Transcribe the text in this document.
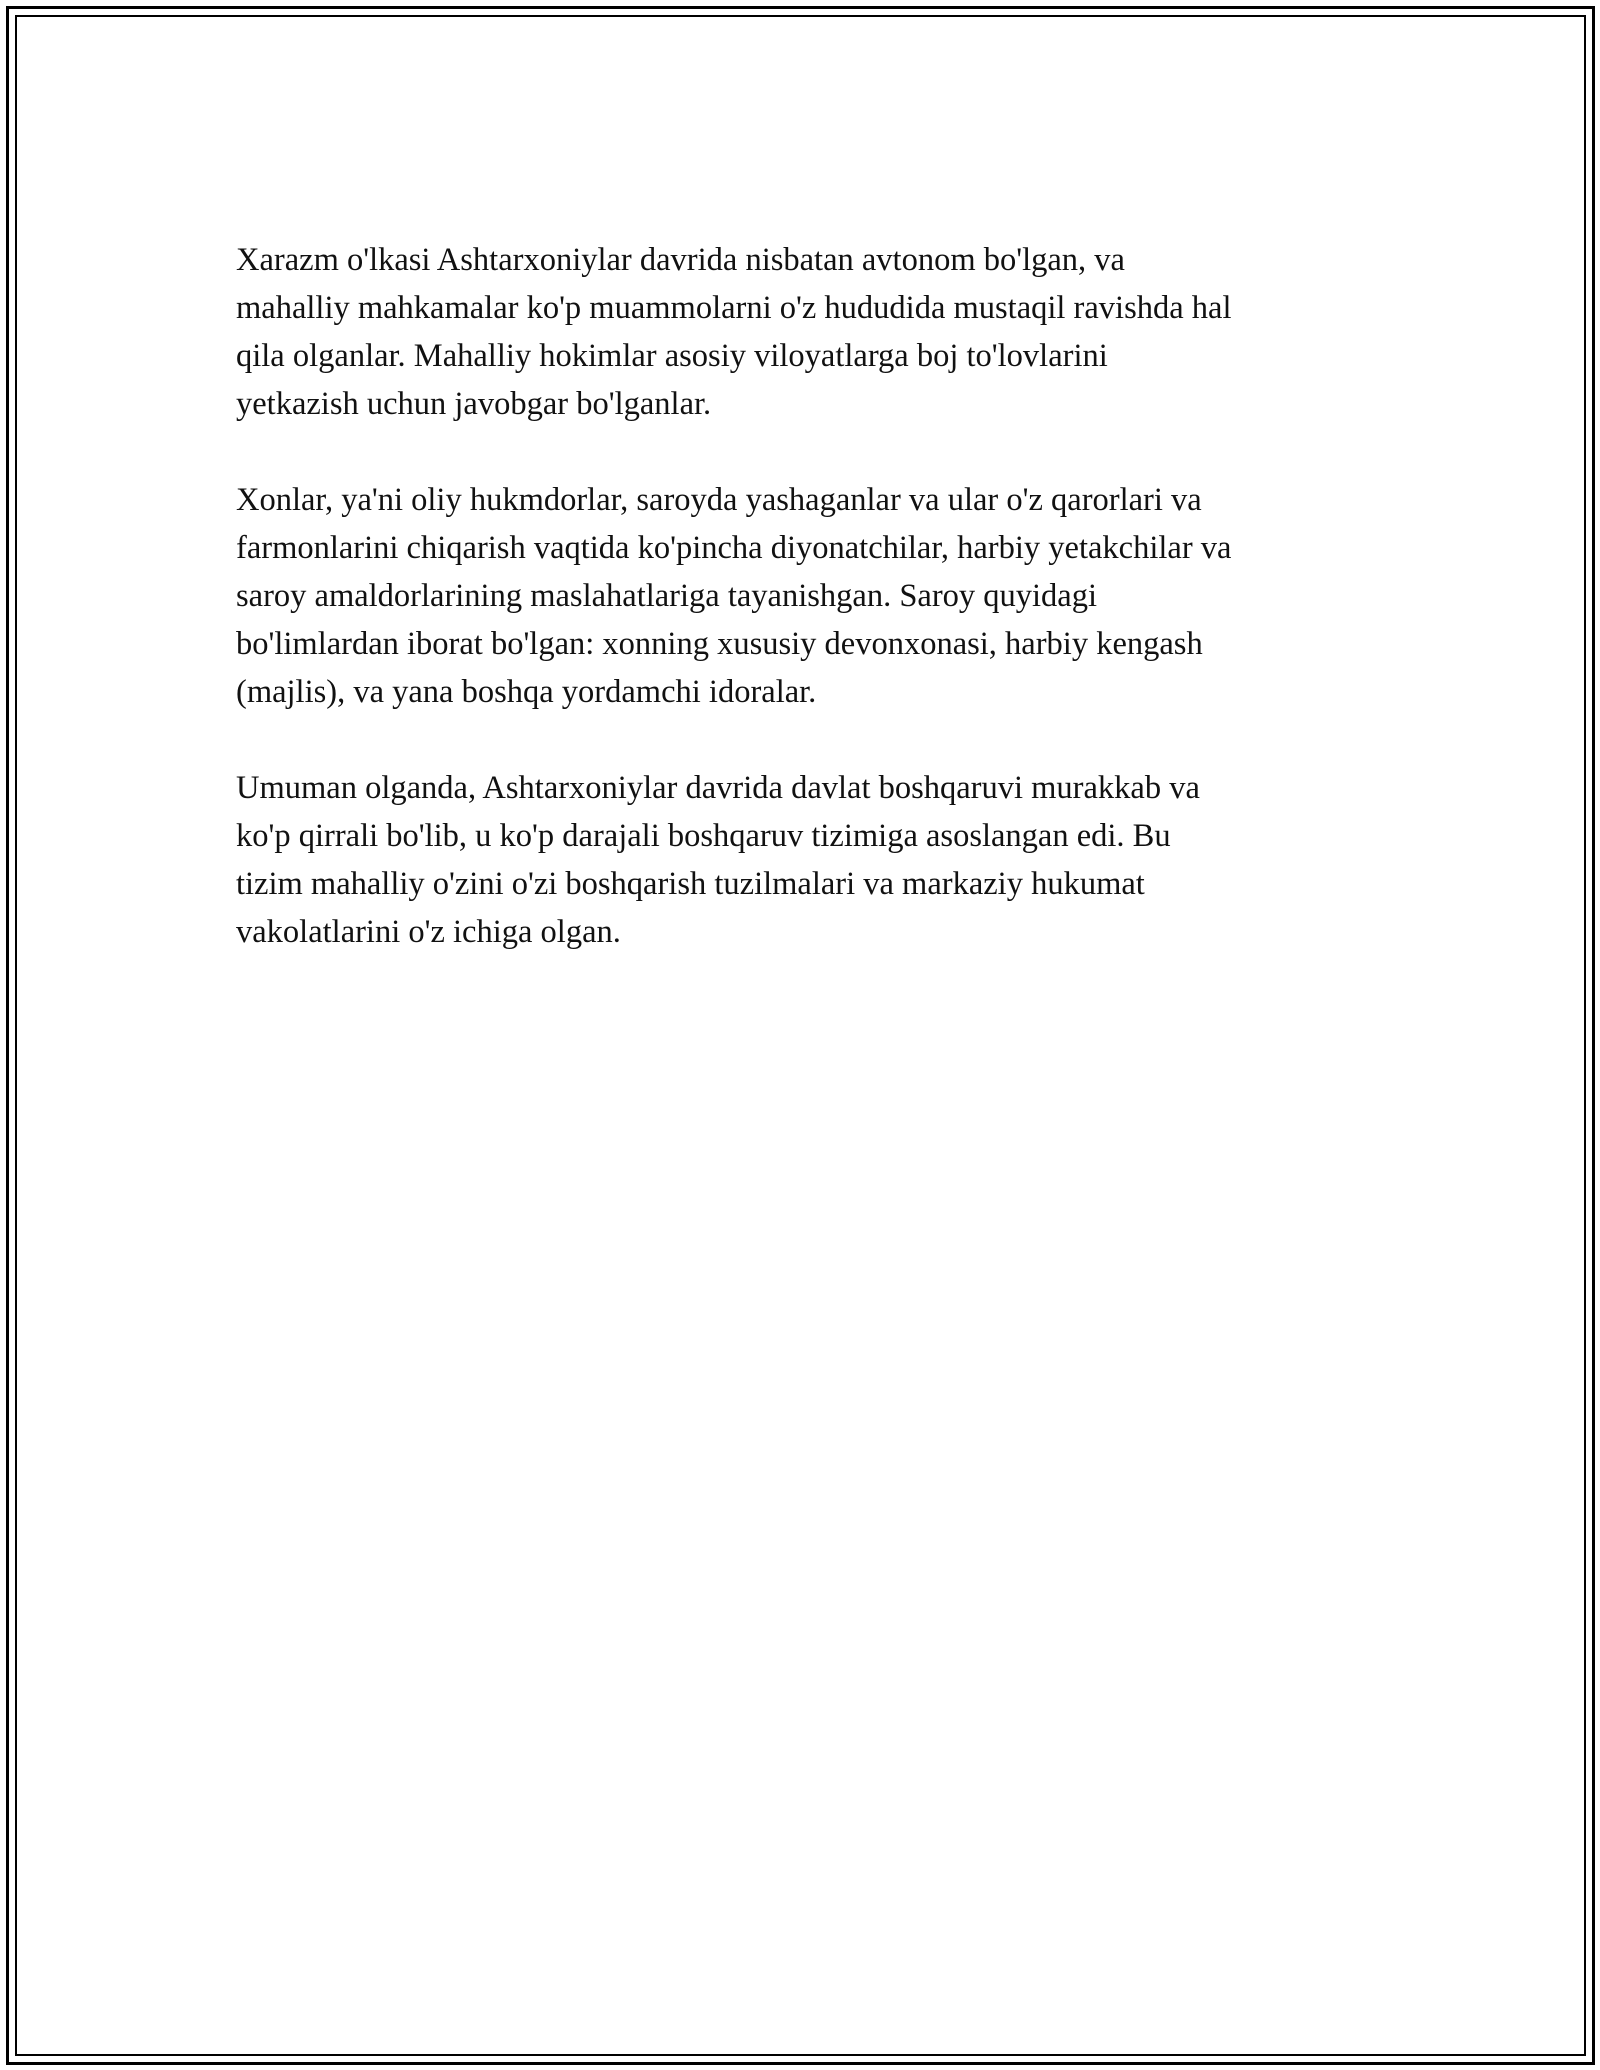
Xarazm o'lkasi Ashtarxoniylar davrida nisbatan avtonom bo'lgan, va
mahalliy mahkamalar ko'p muammolarni o'z hududida mustaqil ravishda hal
qila olganlar. Mahalliy hokimlar asosiy viloyatlarga boj to'lovlarini
yetkazish uchun javobgar bo'lganlar.

Xonlar, ya'ni oliy hukmdorlar, saroyda yashaganlar va ular o'z qarorlari va
farmonlarini chiqarish vaqtida ko'pincha diyonatchilar, harbiy yetakchilar va
saroy amaldorlarining maslahatlariga tayanishgan. Saroy quyidagi
bo'limlardan iborat bo'lgan: xonning xususiy devonxonasi, harbiy kengash
(majlis), va yana boshqa yordamchi idoralar.

Umuman olganda, Ashtarxoniylar davrida davlat boshqaruvi murakkab va
ko'p qirrali bo'lib, u ko'p darajali boshqaruv tizimiga asoslangan edi. Bu
tizim mahalliy o'zini o'zi boshqarish tuzilmalari va markaziy hukumat
vakolatlarini o'z ichiga olgan.
